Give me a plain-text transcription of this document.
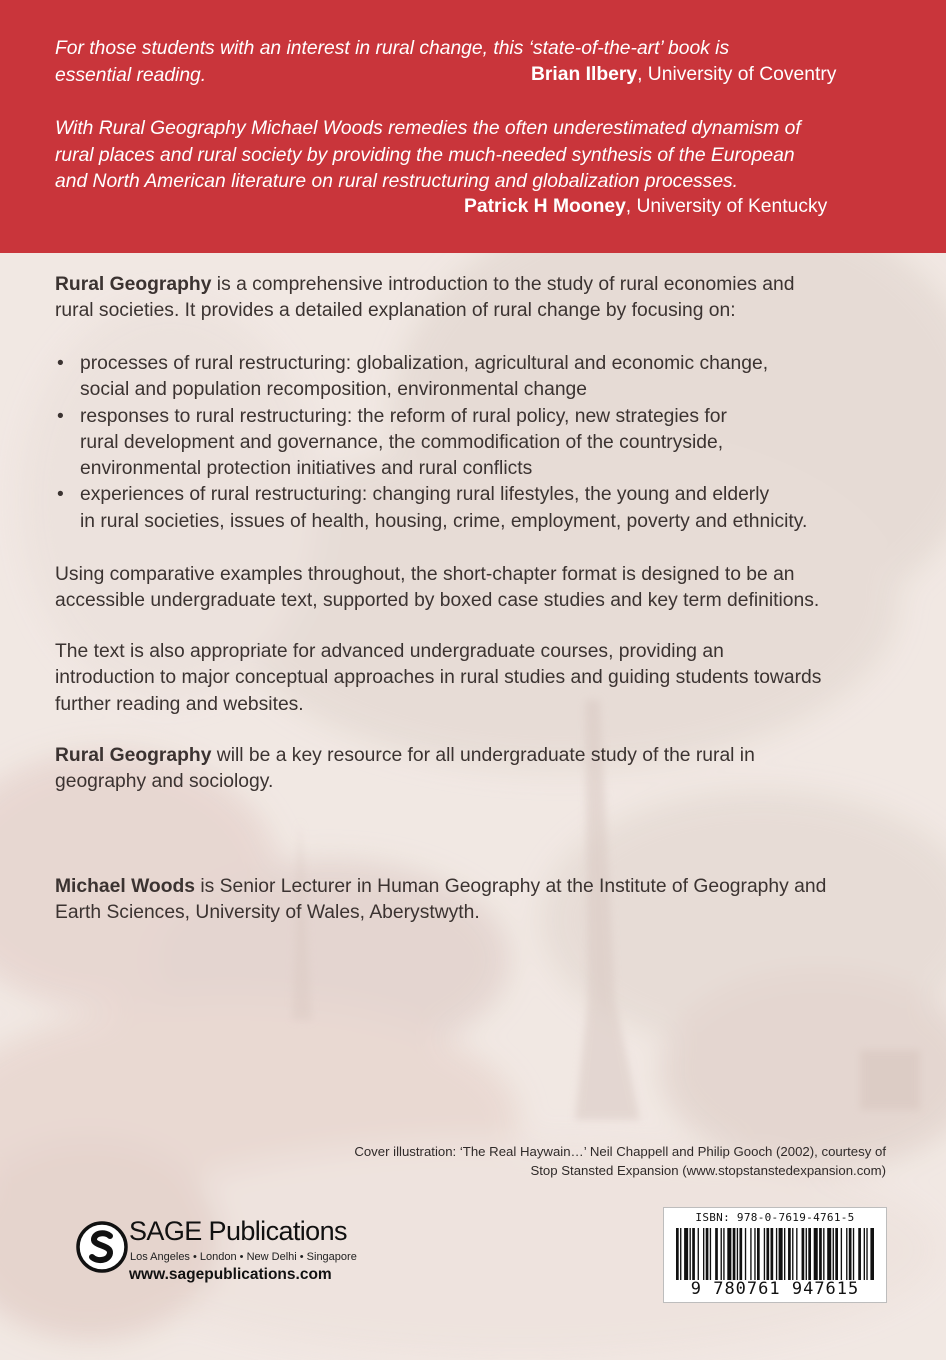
For those students with an interest in rural change, this ‘state-of-the-art’ book is
essential reading.	Brian Ilbery, University of Coventry
With Rural Geography Michael Woods remedies the often underestimated dynamism of
rural places and rural society by providing the much-needed synthesis of the European
and North American literature on rural restructuring and globalization processes.
Patrick H Mooney, University of Kentucky
Rural Geography is a comprehensive introduction to the study of rural economies and
rural societies. It provides a detailed explanation of rural change by focusing on:
• processes of rural restructuring: globalization, agricultural and economic change,
social and population recomposition, environmental change
• responses to rural restructuring: the reform of rural policy, new strategies for
rural development and governance, the commodification of the countryside,
environmental protection initiatives and rural conflicts
• experiences of rural restructuring: changing rural lifestyles, the young and elderly
in rural societies, issues of health, housing, crime, employment, poverty and ethnicity.
Using comparative examples throughout, the short-chapter format is designed to be an
accessible undergraduate text, supported by boxed case studies and key term definitions.
The text is also appropriate for advanced undergraduate courses, providing an
introduction to major conceptual approaches in rural studies and guiding students towards
further reading and websites.
Rural Geography will be a key resource for all undergraduate study of the rural in
geography and sociology.
Michael Woods is Senior Lecturer in Human Geography at the Institute of Geography and
Earth Sciences, University of Wales, Aberystwyth.
Cover illustration: ‘The Real Haywain…’ Neil Chappell and Philip Gooch (2002), courtesy of
Stop Stansted Expansion (www.stopstanstedexpansion.com)
SAGE Publications
Los Angeles • London • New Delhi • Singapore
www.sagepublications.com
ISBN: 978-0-7619-4761-5
9 780761 947615
